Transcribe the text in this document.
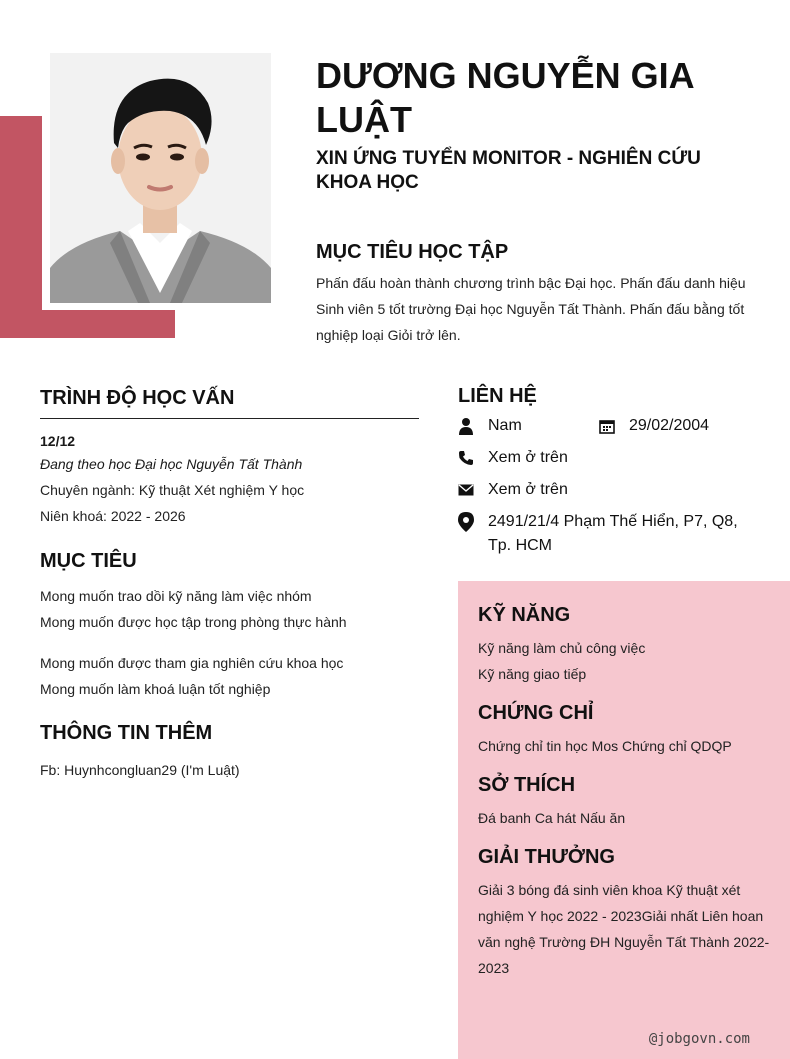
DƯƠNG NGUYỄN GIA LUẬT
XIN ỨNG TUYỂN MONITOR - NGHIÊN CỨU KHOA HỌC
MỤC TIÊU HỌC TẬP
Phấn đấu hoàn thành chương trình bậc Đại học. Phấn đấu danh hiệu Sinh viên 5 tốt trường Đại học Nguyễn Tất Thành. Phấn đấu bằng tốt nghiệp loại Giỏi trở lên.
TRÌNH ĐỘ HỌC VẤN
12/12
Đang theo học Đại học Nguyễn Tất Thành
Chuyên ngành: Kỹ thuật Xét nghiệm Y học
Niên khoá: 2022 - 2026
MỤC TIÊU
Mong muốn trao dồi kỹ năng làm việc nhóm
Mong muốn được học tập trong phòng thực hành
Mong muốn được tham gia nghiên cứu khoa học
Mong muốn làm khoá luận tốt nghiệp
THÔNG TIN THÊM
Fb: Huynhcongluan29 (I'm Luật)
LIÊN HỆ
Nam	29/02/2004
Xem ở trên
Xem ở trên
2491/21/4 Phạm Thế Hiển, P7, Q8, Tp. HCM
KỸ NĂNG
Kỹ năng làm chủ công việc
Kỹ năng giao tiếp
CHỨNG CHỈ
Chứng chỉ tin học Mos Chứng chỉ QDQP
SỞ THÍCH
Đá banh Ca hát Nấu ăn
GIẢI THƯỞNG
Giải 3 bóng đá sinh viên khoa Kỹ thuật xét nghiệm Y học 2022 - 2023Giải nhất Liên hoan văn nghệ Trường ĐH Nguyễn Tất Thành 2022-2023
@jobgovn.com
